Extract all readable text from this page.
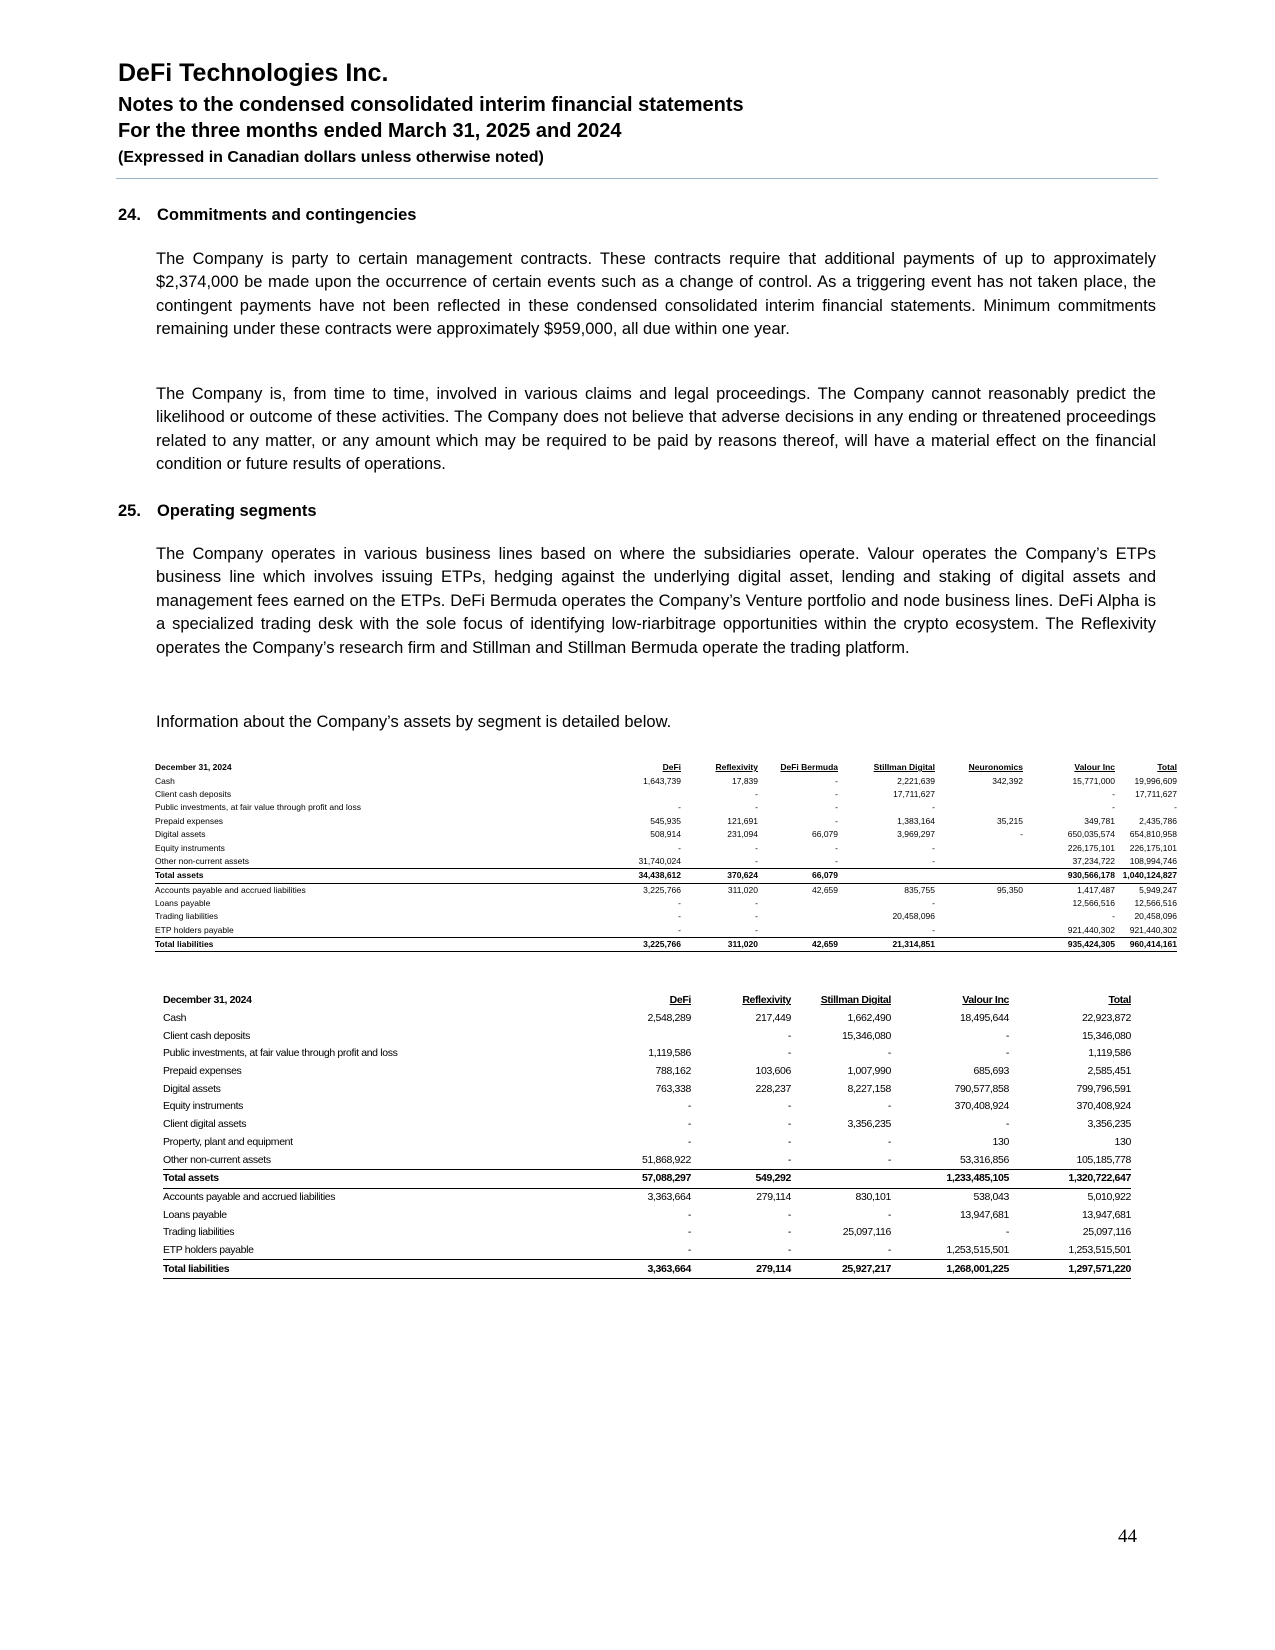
DeFi Technologies Inc.
Notes to the condensed consolidated interim financial statements
For the three months ended March 31, 2025 and 2024
(Expressed in Canadian dollars unless otherwise noted)
24. Commitments and contingencies

The Company is party to certain management contracts. These contracts require that additional payments of up to approximately $2,374,000 be made upon the occurrence of certain events such as a change of control. As a triggering event has not taken place, the contingent payments have not been reflected in these condensed consolidated interim financial statements. Minimum commitments remaining under these contracts were approximately $959,000, all due within one year.

The Company is, from time to time, involved in various claims and legal proceedings. The Company cannot reasonably predict the likelihood or outcome of these activities. The Company does not believe that adverse decisions in any ending or threatened proceedings related to any matter, or any amount which may be required to be paid by reasons thereof, will have a material effect on the financial condition or future results of operations.

25. Operating segments

The Company operates in various business lines based on where the subsidiaries operate. Valour operates the Company’s ETPs business line which involves issuing ETPs, hedging against the underlying digital asset, lending and staking of digital assets and management fees earned on the ETPs. DeFi Bermuda operates the Company’s Venture portfolio and node business lines. DeFi Alpha is a specialized trading desk with the sole focus of identifying low-riarbitrage opportunities within the crypto ecosystem. The Reflexivity operates the Company’s research firm and Stillman and Stillman Bermuda operate the trading platform.

Information about the Company’s assets by segment is detailed below.

December 31, 2024	DeFi	Reflexivity	DeFi Bermuda	Stillman Digital	Neuronomics	Valour Inc	Total
Cash	1,643,739	17,839	-	2,221,639	342,392	15,771,000	19,996,609
Client cash deposits		-	-	17,711,627		-	17,711,627
Public investments, at fair value through profit and loss	-	-	-	-		-	-
Prepaid expenses	545,935	121,691	-	1,383,164	35,215	349,781	2,435,786
Digital assets	508,914	231,094	66,079	3,969,297	-	650,035,574	654,810,958
Equity instruments	-	-	-	-		226,175,101	226,175,101
Other non-current assets	31,740,024	-	-	-		37,234,722	108,994,746
Total assets	34,438,612	370,624	66,079			930,566,178	1,040,124,827
Accounts payable and accrued liabilities	3,225,766	311,020	42,659	835,755	95,350	1,417,487	5,949,247
Loans payable	-	-		-		12,566,516	12,566,516
Trading liabilities	-	-		20,458,096		-	20,458,096
ETP holders payable	-	-		-		921,440,302	921,440,302
Total liabilities	3,225,766	311,020	42,659	21,314,851		935,424,305	960,414,161
December 31, 2024	DeFi	Reflexivity	Stillman Digital	Valour Inc	Total
Cash	2,548,289	217,449	1,662,490	18,495,644	22,923,872
Client cash deposits		-	15,346,080	-	15,346,080
Public investments, at fair value through profit and loss	1,119,586	-	-	-	1,119,586
Prepaid expenses	788,162	103,606	1,007,990	685,693	2,585,451
Digital assets	763,338	228,237	8,227,158	790,577,858	799,796,591
Equity instruments	-	-	-	370,408,924	370,408,924
Client digital assets	-	-	3,356,235	-	3,356,235
Property, plant and equipment	-	-	-	130	130
Other non-current assets	51,868,922	-	-	53,316,856	105,185,778
Total assets	57,088,297	549,292		1,233,485,105	1,320,722,647
Accounts payable and accrued liabilities	3,363,664	279,114	830,101	538,043	5,010,922
Loans payable	-	-	-	13,947,681	13,947,681
Trading liabilities	-	-	25,097,116	-	25,097,116
ETP holders payable	-	-	-	1,253,515,501	1,253,515,501
Total liabilities	3,363,664	279,114	25,927,217	1,268,001,225	1,297,571,220
44
